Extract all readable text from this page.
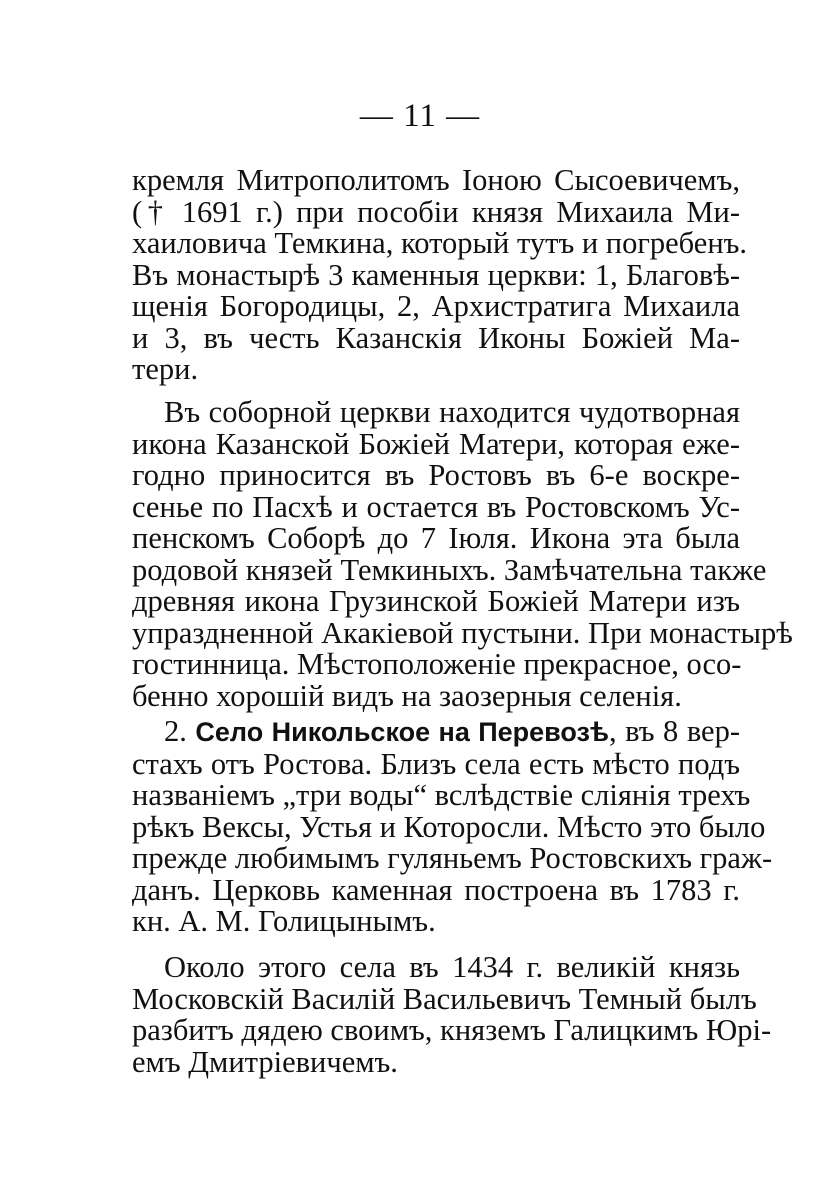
— 11 —
кремля Митрополитомъ Іонoю Сысоевичемъ,
(† 1691 г.) при пособіи князя Михаила Ми-
хаиловича Темкина, который тутъ и погребенъ.
Въ монастырѣ 3 каменныя церкви: 1, Благовѣ-
щенія Богородицы, 2, Архистратига Михаила
и 3, въ честь Казанскія Иконы Божіей Ма-
тери.
Въ соборной церкви находится чудотворная
икона Казанской Божіей Матери, которая еже-
годно приносится въ Ростовъ въ 6-е воскре-
сенье по Пасхѣ и остается въ Ростовскомъ Ус-
пенскомъ Соборѣ до 7 Іюля. Икона эта была
родовой князей Темкиныхъ. Замѣчательна также
древняя икона Грузинской Божіей Матери изъ
упраздненной Акакіевой пустыни. При монастырѣ
гостинница. Мѣстоположеніе прекрасное, осо-
бенно хорошій видъ на заозерныя селенія.
2. Село Никольское на Перевозѣ, въ 8 вер-
стахъ отъ Ростова. Близъ села есть мѣсто подъ
названіемъ „три воды“ вслѣдствіе сліянія трехъ
рѣкъ Вексы, Устья и Которосли. Мѣсто это было
прежде любимымъ гуляньемъ Ростовскихъ граж-
данъ. Церковь каменная построена въ 1783 г.
кн. А. М. Голицынымъ.
Около этого села въ 1434 г. великій князь
Московскій Василій Васильевичъ Темный былъ
разбитъ дядею своимъ, княземъ Галицкимъ Юрі-
емъ Дмитріевичемъ.
